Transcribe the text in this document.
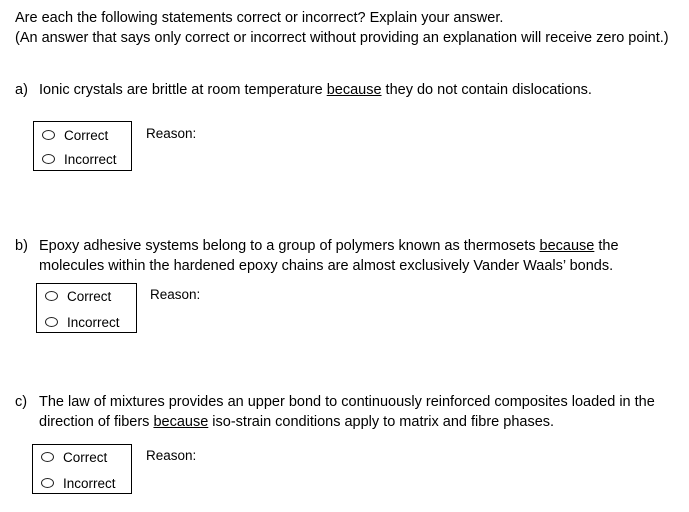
Are each the following statements correct or incorrect? Explain your answer.

(An answer that says only correct or incorrect without providing an explanation will receive zero point.)

a) Ionic crystals are brittle at room temperature because they do not contain dislocations.
Correct
Incorrect
Reason:
b) Epoxy adhesive systems belong to a group of polymers known as thermosets because the molecules within the hardened epoxy chains are almost exclusively Vander Waals’ bonds.
Correct
Incorrect
Reason:
c) The law of mixtures provides an upper bond to continuously reinforced composites loaded in the direction of fibers because iso-strain conditions apply to matrix and fibre phases.
Correct
Incorrect
Reason:
